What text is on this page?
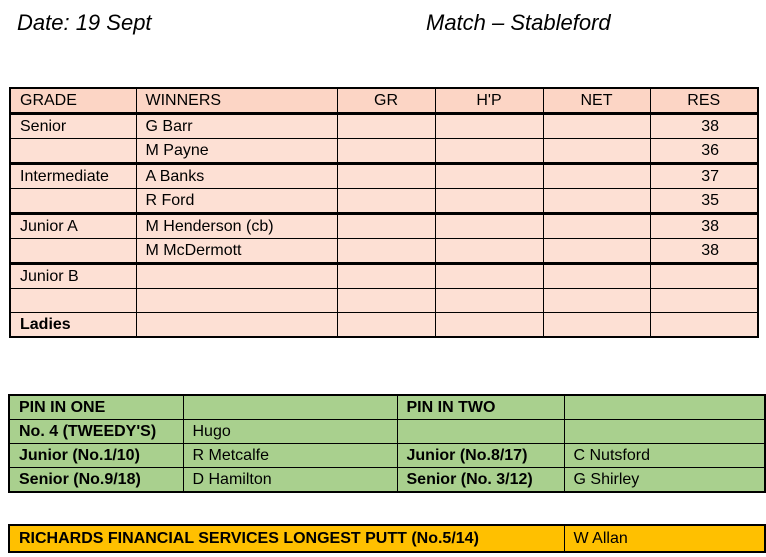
Date: 19 Sept	Match – Stableford
GRADE	WINNERS	GR	H'P	NET	RES
Senior	G Barr				38
	M Payne				36
Intermediate	A Banks				37
	R Ford				35
Junior A	M Henderson (cb)				38
	M McDermott				38
Junior B					

Ladies					
PIN IN ONE		PIN IN TWO	
No. 4 (TWEEDY'S)	Hugo		
Junior (No.1/10)	R Metcalfe	Junior (No.8/17)	C Nutsford
Senior (No.9/18)	D Hamilton	Senior (No. 3/12)	G Shirley
RICHARDS FINANCIAL SERVICES LONGEST PUTT (No.5/14)	W Allan
